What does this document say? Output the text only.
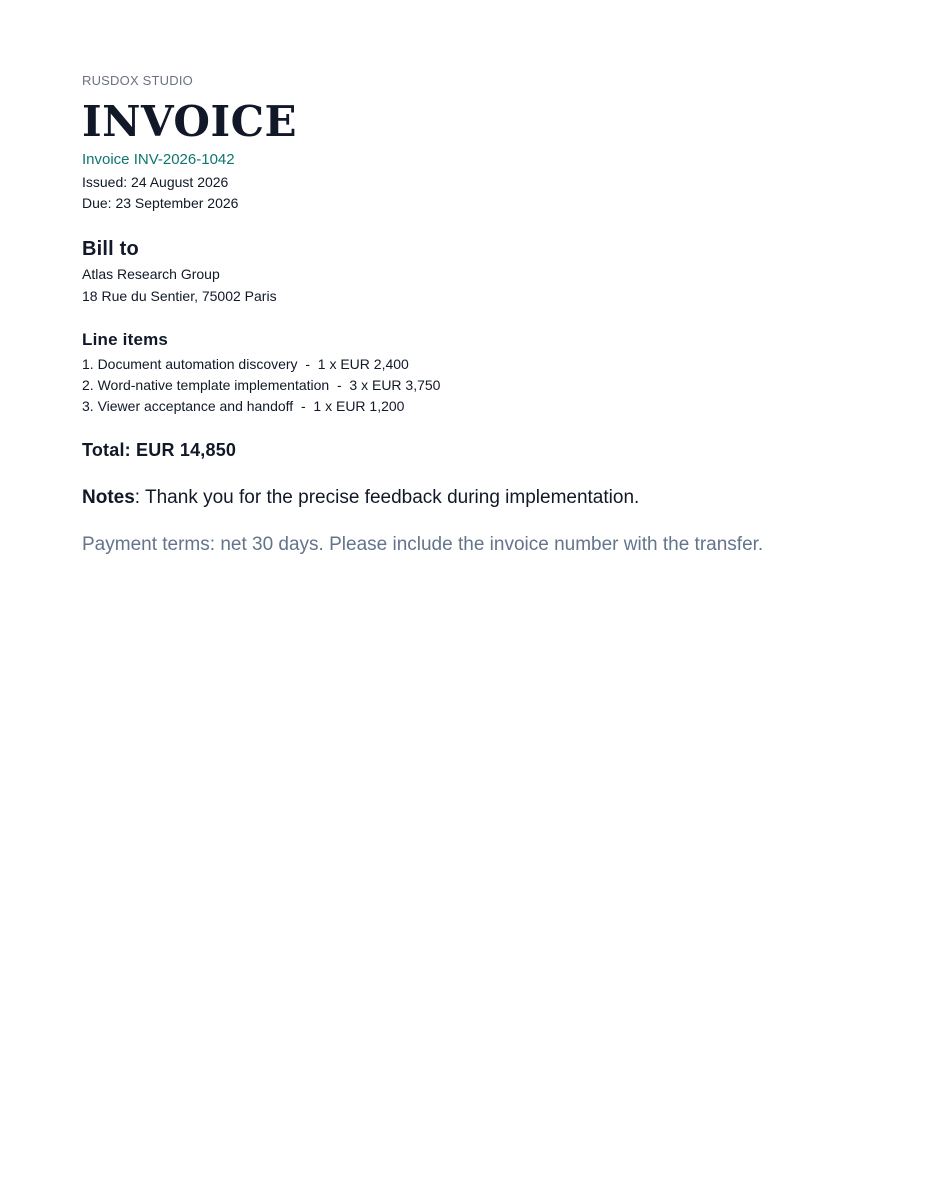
RUSDOX STUDIO
INVOICE
Invoice INV-2026-1042
Issued: 24 August 2026
Due: 23 September 2026
Bill to
Atlas Research Group
18 Rue du Sentier, 75002 Paris
Line items
1. Document automation discovery  -  1 x EUR 2,400
2. Word-native template implementation  -  3 x EUR 3,750
3. Viewer acceptance and handoff  -  1 x EUR 1,200
Total: EUR 14,850
Notes: Thank you for the precise feedback during implementation.
Payment terms: net 30 days. Please include the invoice number with the transfer.
